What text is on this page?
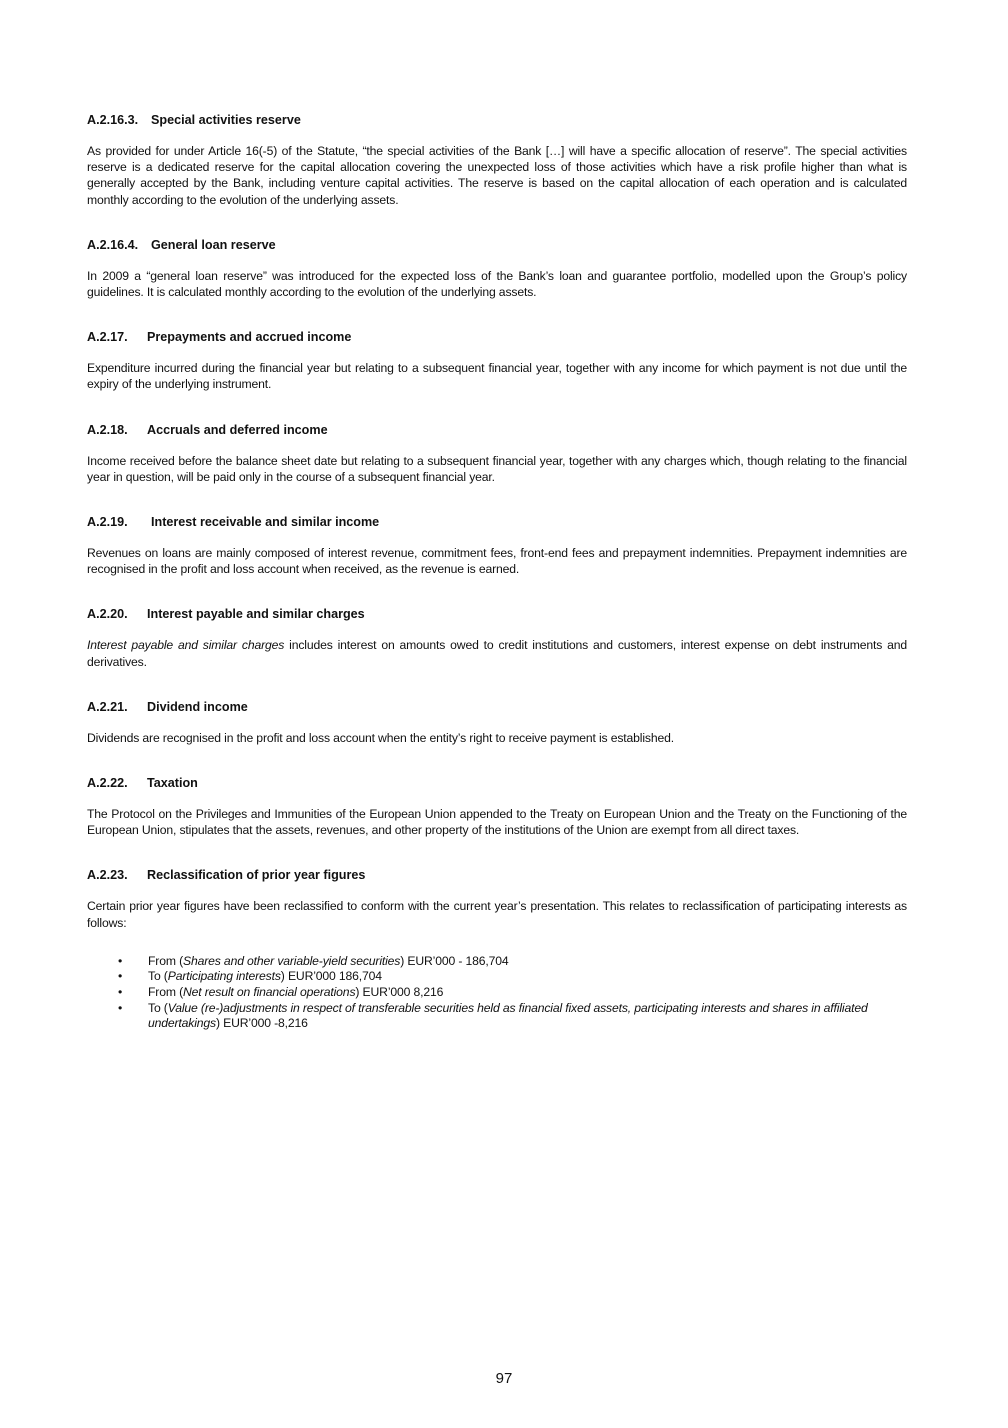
A.2.16.3.	Special activities reserve

As provided for under Article 16(-5) of the Statute, “the special activities of the Bank […] will have a specific allocation of reserve”. The special activities reserve is a dedicated reserve for the capital allocation covering the unexpected loss of those activities which have a risk profile higher than what is generally accepted by the Bank, including venture capital activities. The reserve is based on the capital allocation of each operation and is calculated monthly according to the evolution of the underlying assets.

A.2.16.4.	General loan reserve

In 2009 a “general loan reserve” was introduced for the expected loss of the Bank’s loan and guarantee portfolio, modelled upon the Group’s policy guidelines. It is calculated monthly according to the evolution of the underlying assets.

A.2.17.	Prepayments and accrued income

Expenditure incurred during the financial year but relating to a subsequent financial year, together with any income for which payment is not due until the expiry of the underlying instrument.

A.2.18.	Accruals and deferred income

Income received before the balance sheet date but relating to a subsequent financial year, together with any charges which, though relating to the financial year in question, will be paid only in the course of a subsequent financial year.

A.2.19.	Interest receivable and similar income

Revenues on loans are mainly composed of interest revenue, commitment fees, front-end fees and prepayment indemnities. Prepayment indemnities are recognised in the profit and loss account when received, as the revenue is earned.

A.2.20.	Interest payable and similar charges

Interest payable and similar charges includes interest on amounts owed to credit institutions and customers, interest expense on debt instruments and derivatives.

A.2.21.	Dividend income

Dividends are recognised in the profit and loss account when the entity’s right to receive payment is established.

A.2.22.	Taxation

The Protocol on the Privileges and Immunities of the European Union appended to the Treaty on European Union and the Treaty on the Functioning of the European Union, stipulates that the assets, revenues, and other property of the institutions of the Union are exempt from all direct taxes.

A.2.23.	Reclassification of prior year figures

Certain prior year figures have been reclassified to conform with the current year’s presentation. This relates to reclassification of participating interests as follows:

• From (Shares and other variable-yield securities) EUR’000 - 186,704
• To (Participating interests) EUR’000 186,704
• From (Net result on financial operations) EUR’000 8,216
• To (Value (re-)adjustments in respect of transferable securities held as financial fixed assets, participating interests and shares in affiliated undertakings) EUR’000 -8,216
97
